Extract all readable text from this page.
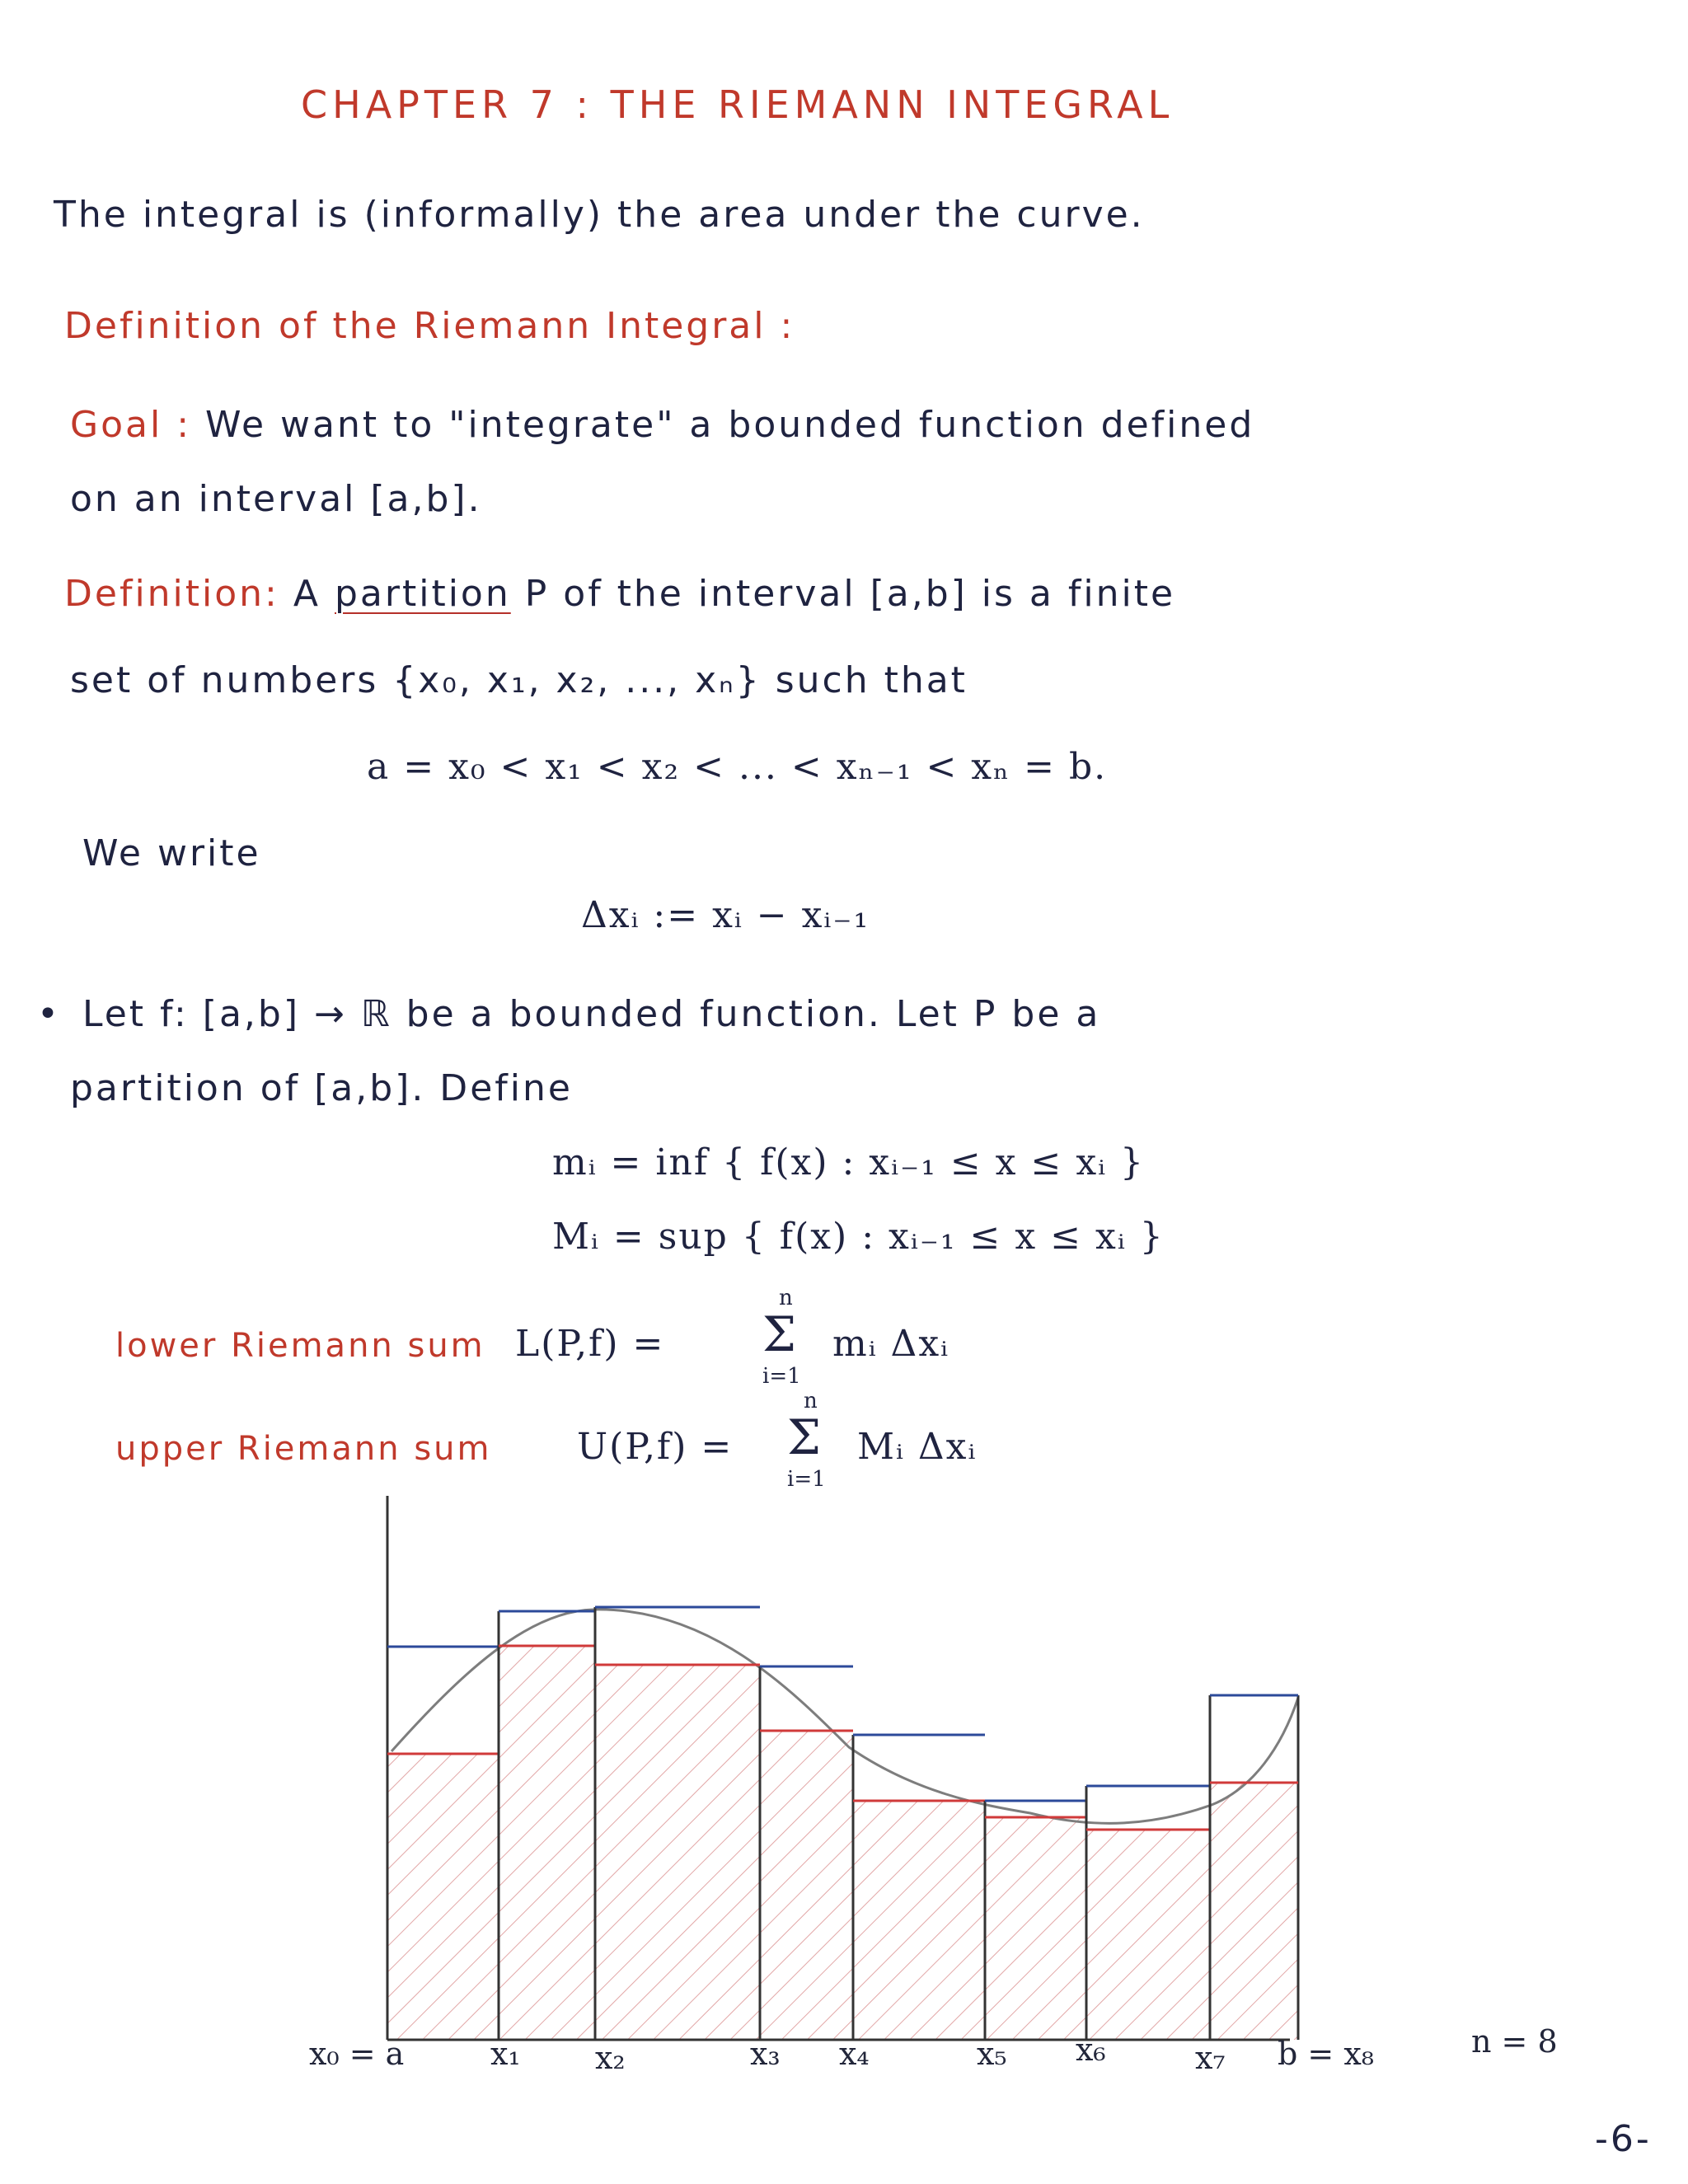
CHAPTER 7 : THE RIEMANN INTEGRAL
The integral is (informally) the area under the curve.
Definition of the Riemann Integral :
Goal : We want to "integrate" a bounded function defined
on an interval [a,b].
Definition: A partition P of the interval [a,b] is a finite
set of numbers {x₀, x₁, x₂, ..., xₙ} such that
a = x₀ < x₁ < x₂ < ... < xₙ₋₁ < xₙ = b.
We write
Δxᵢ := xᵢ − xᵢ₋₁
• Let f: [a,b] → ℝ be a bounded function. Let P be a
partition of [a,b]. Define
mᵢ = inf { f(x) : xᵢ₋₁ ≤ x ≤ xᵢ }
Mᵢ = sup { f(x) : xᵢ₋₁ ≤ x ≤ xᵢ }
lower Riemann sum L(P,f) =
n
Σ
i=1
mᵢ Δxᵢ
upper Riemann sum U(P,f) =
n
Σ
i=1
Mᵢ Δxᵢ
x₀ = a	x₁ x₂	x₃ x₄	x₅ x₆	x₇ b = x₈	n = 8
-6-
